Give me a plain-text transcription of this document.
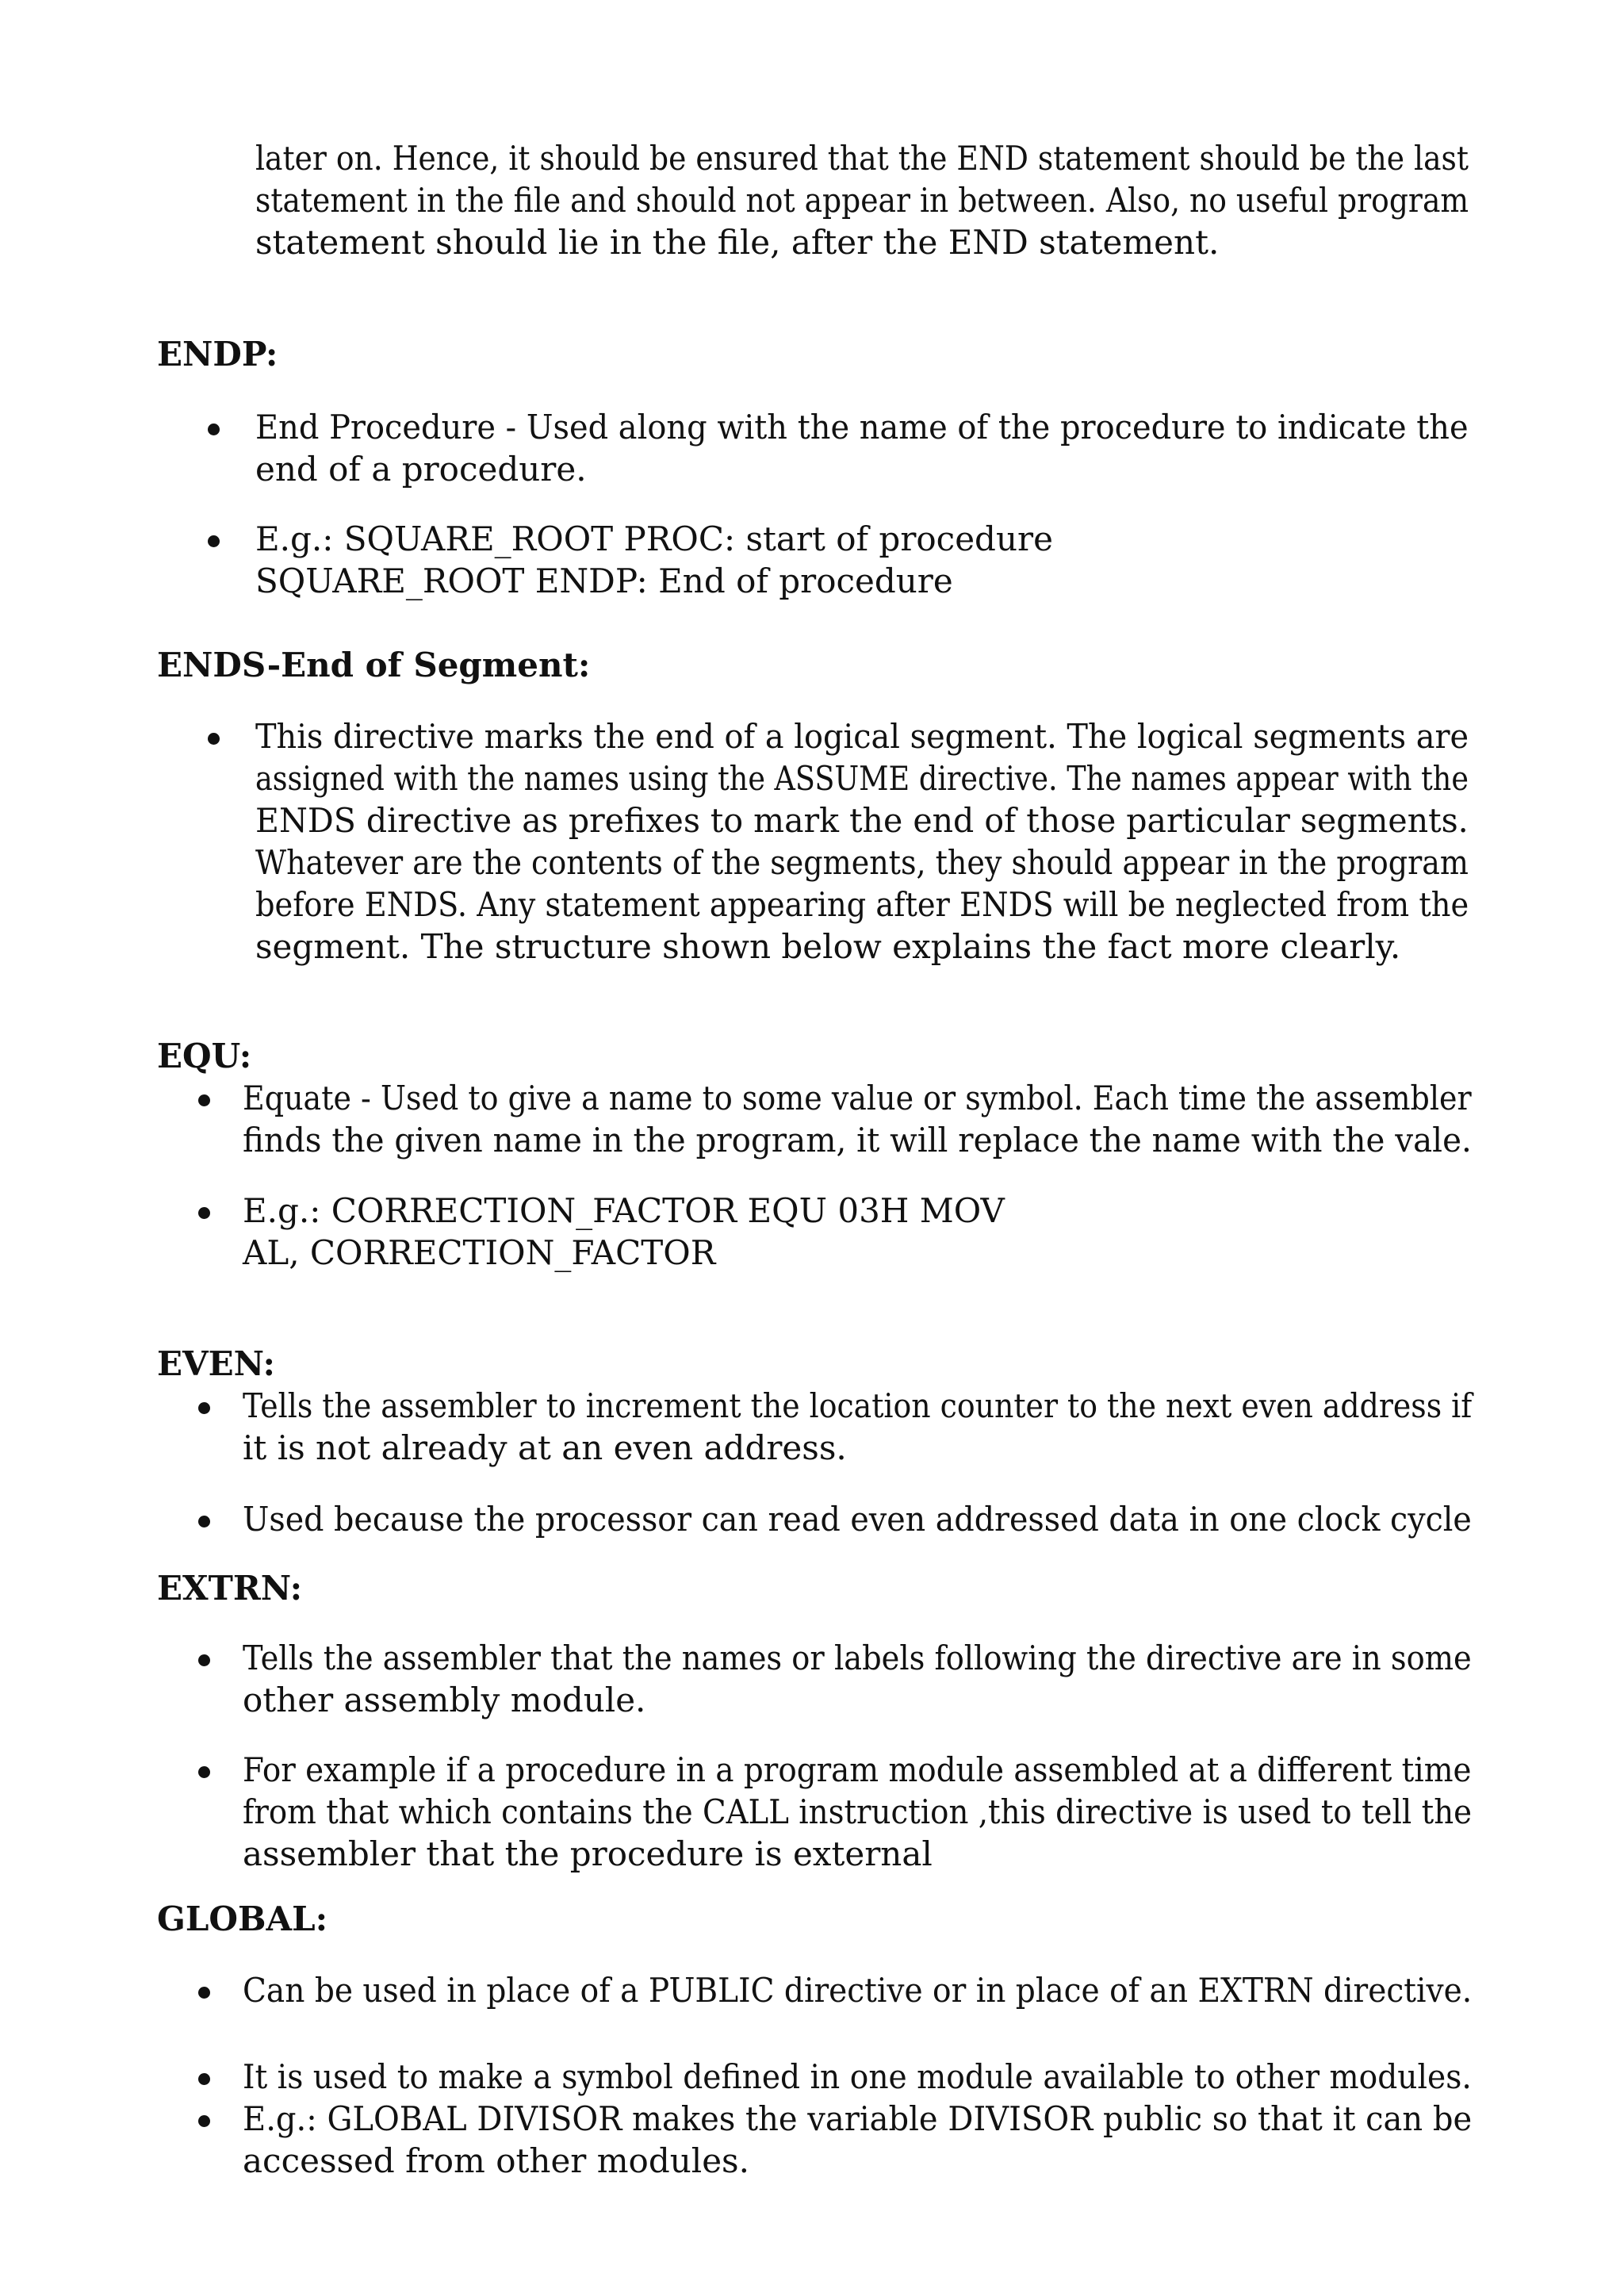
later on. Hence, it should be ensured that the END statement should be the last
statement in the file and should not appear in between. Also, no useful program
statement should lie in the file, after the END statement.
ENDP:
End Procedure - Used along with the name of the procedure to indicate the
end of a procedure.
E.g.: SQUARE_ROOT PROC: start of procedure
SQUARE_ROOT ENDP: End of procedure
ENDS-End of Segment:
This directive marks the end of a logical segment. The logical segments are
assigned with the names using the ASSUME directive. The names appear with the
ENDS directive as prefixes to mark the end of those particular segments.
Whatever are the contents of the segments, they should appear in the program
before ENDS. Any statement appearing after ENDS will be neglected from the
segment. The structure shown below explains the fact more clearly.
EQU:
Equate - Used to give a name to some value or symbol. Each time the assembler
finds the given name in the program, it will replace the name with the vale.
E.g.: CORRECTION_FACTOR EQU 03H MOV
AL, CORRECTION_FACTOR
EVEN:
Tells the assembler to increment the location counter to the next even address if
it is not already at an even address.
Used because the processor can read even addressed data in one clock cycle
EXTRN:
Tells the assembler that the names or labels following the directive are in some
other assembly module.
For example if a procedure in a program module assembled at a different time
from that which contains the CALL instruction ,this directive is used to tell the
assembler that the procedure is external
GLOBAL:
Can be used in place of a PUBLIC directive or in place of an EXTRN directive.
It is used to make a symbol defined in one module available to other modules.
E.g.: GLOBAL DIVISOR makes the variable DIVISOR public so that it can be
accessed from other modules.
